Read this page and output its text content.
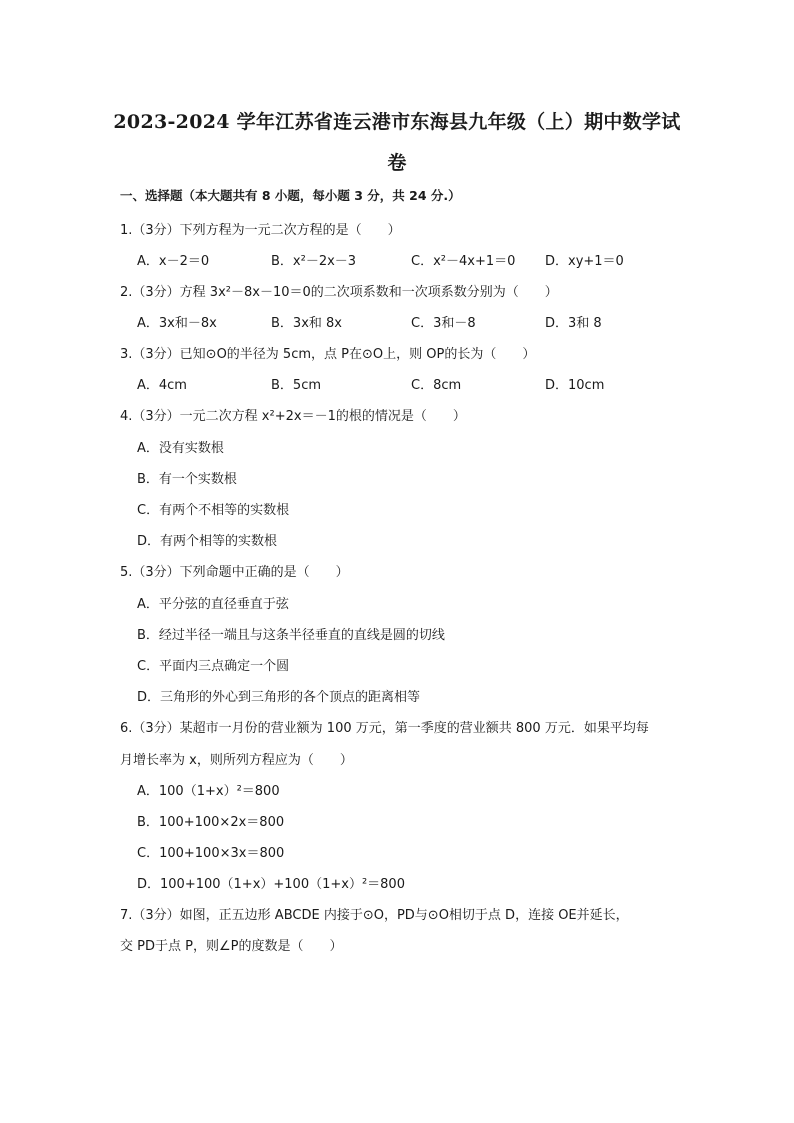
2023-2024 学年江苏省连云港市东海县九年级（上）期中数学试
卷
一、选择题（本大题共有 8 小题，每小题 3 分，共 24 分.）
1.（3分）下列方程为一元二次方程的是（　　）
A．x－2＝0	B．x²－2x－3	C．x²－4x+1＝0 D．xy+1＝0
2.（3分）方程 3x²－8x－10＝0的二次项系数和一次项系数分别为（　　）
A．3x和－8x	B．3x和 8x	C．3和－8	D．3和 8
3.（3分）已知⊙O的半径为 5cm，点 P在⊙O上，则 OP的长为（　　）
A．4cm	B．5cm	C．8cm	D．10cm
4.（3分）一元二次方程 x²+2x＝－1的根的情况是（　　）
A．没有实数根
B．有一个实数根
C．有两个不相等的实数根
D．有两个相等的实数根
5.（3分）下列命题中正确的是（　　）
A．平分弦的直径垂直于弦
B．经过半径一端且与这条半径垂直的直线是圆的切线
C．平面内三点确定一个圆
D．三角形的外心到三角形的各个顶点的距离相等
6.（3分）某超市一月份的营业额为 100 万元，第一季度的营业额共 800 万元．如果平均每
月增长率为 x，则所列方程应为（　　）
A．100（1+x）²＝800
B．100+100×2x＝800
C．100+100×3x＝800
D．100+100（1+x）+100（1+x）²＝800
7.（3分）如图，正五边形 ABCDE 内接于⊙O，PD与⊙O相切于点 D，连接 OE并延长，
交 PD于点 P，则∠P的度数是（　　）
